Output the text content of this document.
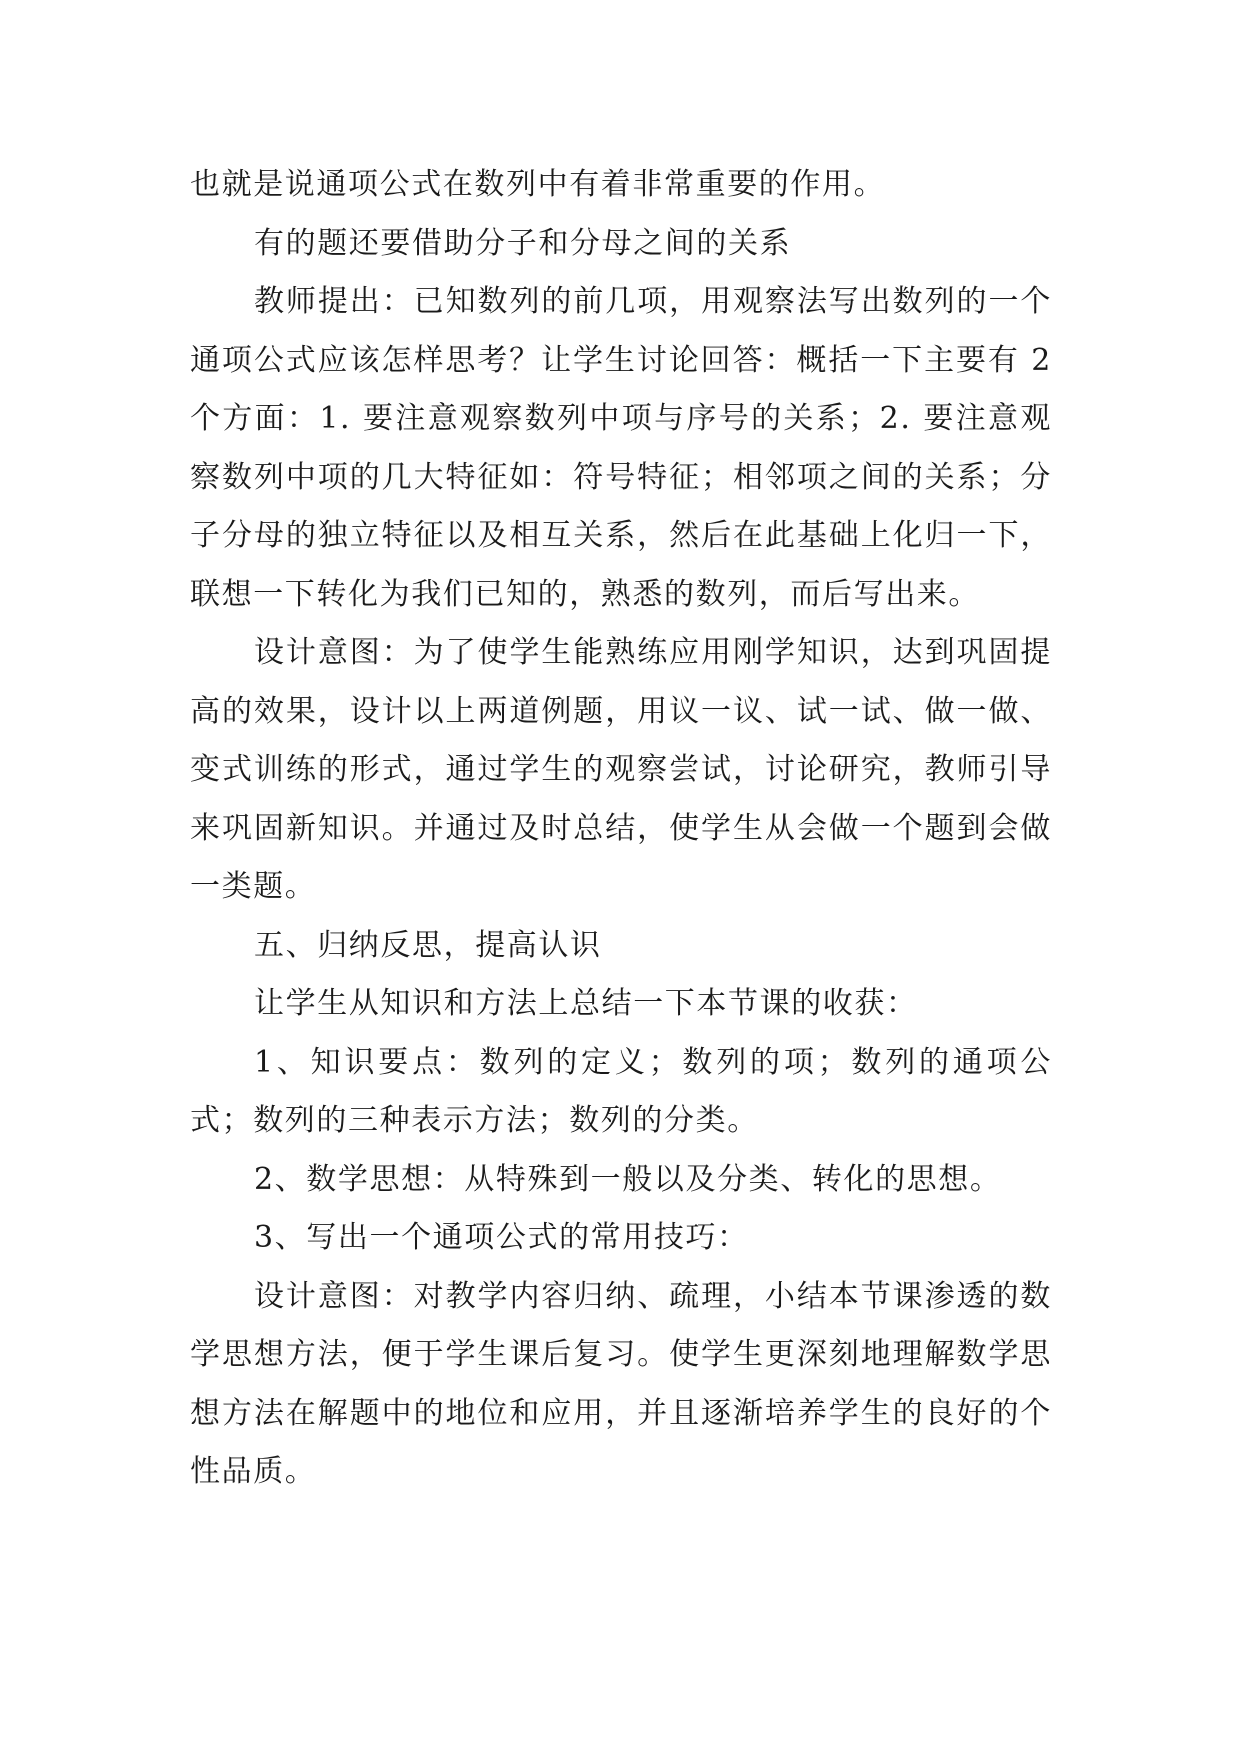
也就是说通项公式在数列中有着非常重要的作用。

有的题还要借助分子和分母之间的关系

教师提出：已知数列的前几项，用观察法写出数列的一个通项公式应该怎样思考？让学生讨论回答：概括一下主要有 2 个方面：1. 要注意观察数列中项与序号的关系；2. 要注意观察数列中项的几大特征如：符号特征；相邻项之间的关系；分子分母的独立特征以及相互关系，然后在此基础上化归一下，联想一下转化为我们已知的，熟悉的数列，而后写出来。

设计意图：为了使学生能熟练应用刚学知识，达到巩固提高的效果，设计以上两道例题，用议一议、试一试、做一做、变式训练的形式，通过学生的观察尝试，讨论研究，教师引导来巩固新知识。并通过及时总结，使学生从会做一个题到会做一类题。

五、归纳反思，提高认识

让学生从知识和方法上总结一下本节课的收获：

1、知识要点：数列的定义；数列的项；数列的通项公式；数列的三种表示方法；数列的分类。

2、数学思想：从特殊到一般以及分类、转化的思想。

3、写出一个通项公式的常用技巧：

设计意图：对教学内容归纳、疏理，小结本节课渗透的数学思想方法，便于学生课后复习。使学生更深刻地理解数学思想方法在解题中的地位和应用，并且逐渐培养学生的良好的个性品质。
